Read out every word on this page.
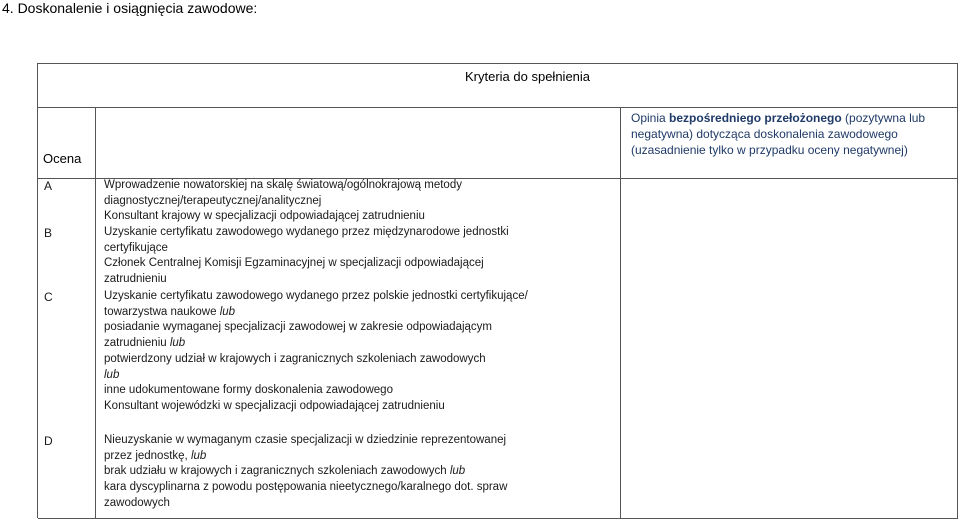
4. Doskonalenie i osiągnięcia zawodowe:
Kryteria do spełnienia
Ocena
Opinia bezpośredniego przełożonego (pozytywna lub negatywna) dotycząca doskonalenia zawodowego (uzasadnienie tylko w przypadku oceny negatywnej)
A
B
C
D
Wprowadzenie nowatorskiej na skalę światową/ogólnokrajową metody
diagnostycznej/terapeutycznej/analitycznej
Konsultant krajowy w specjalizacji odpowiadającej zatrudnieniu
Uzyskanie certyfikatu zawodowego wydanego przez międzynarodowe jednostki
certyfikujące
Członek Centralnej Komisji Egzaminacyjnej w specjalizacji odpowiadającej
zatrudnieniu
Uzyskanie certyfikatu zawodowego wydanego przez polskie jednostki certyfikujące/
towarzystwa naukowe lub
posiadanie wymaganej specjalizacji zawodowej w zakresie odpowiadającym
zatrudnieniu lub
potwierdzony udział w krajowych i zagranicznych szkoleniach zawodowych
lub
inne udokumentowane formy doskonalenia zawodowego
Konsultant wojewódzki w specjalizacji odpowiadającej zatrudnieniu
Nieuzyskanie w wymaganym czasie specjalizacji w dziedzinie reprezentowanej
przez jednostkę, lub
brak udziału w krajowych i zagranicznych szkoleniach zawodowych lub
kara dyscyplinarna z powodu postępowania nieetycznego/karalnego dot. spraw
zawodowych
